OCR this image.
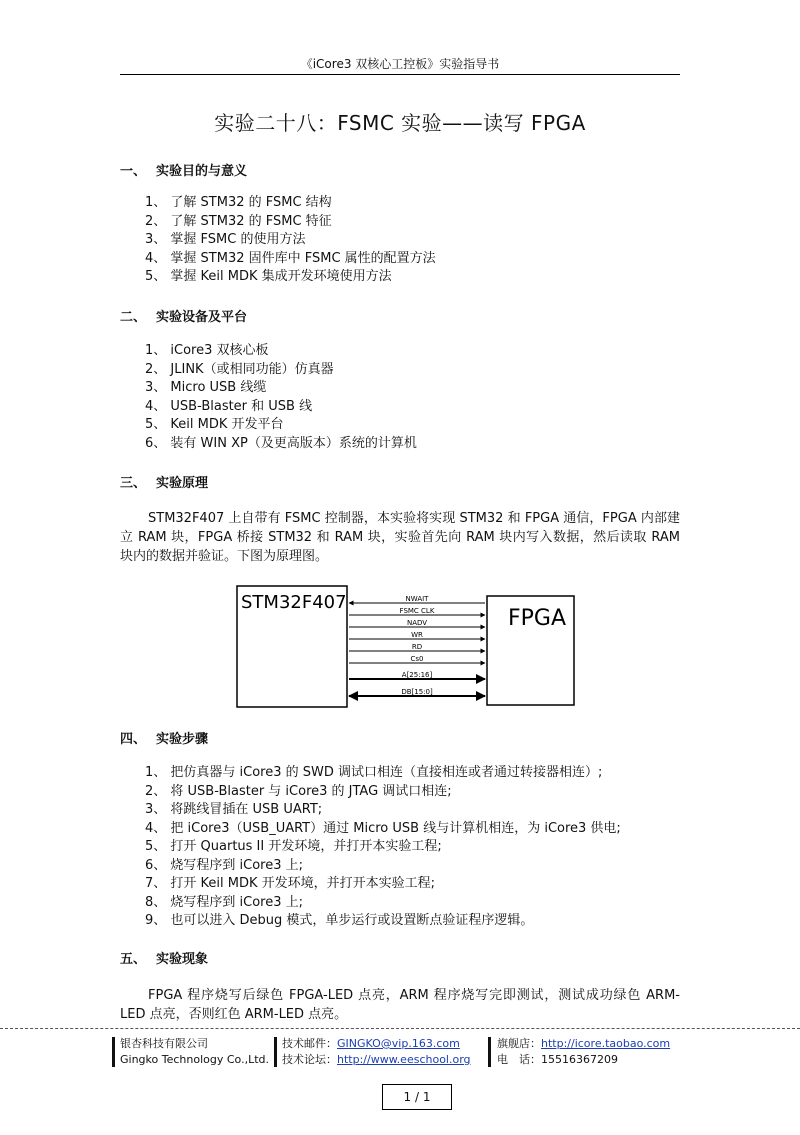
《iCore3 双核心工控板》实验指导书
实验二十八：FSMC 实验——读写 FPGA
一、 实验目的与意义
1、 了解 STM32 的 FSMC 结构
2、 了解 STM32 的 FSMC 特征
3、 掌握 FSMC 的使用方法
4、 掌握 STM32 固件库中 FSMC 属性的配置方法
5、 掌握 Keil MDK 集成开发环境使用方法
二、 实验设备及平台
1、 iCore3 双核心板
2、 JLINK（或相同功能）仿真器
3、 Micro USB 线缆
4、 USB-Blaster 和 USB 线
5、 Keil MDK 开发平台
6、 装有 WIN XP（及更高版本）系统的计算机
三、 实验原理
STM32F407 上自带有 FSMC 控制器，本实验将实现 STM32 和 FPGA 通信，FPGA 内部建立 RAM 块，FPGA 桥接 STM32 和 RAM 块，实验首先向 RAM 块内写入数据，然后读取 RAM 块内的数据并验证。下图为原理图。
STM32F407
FPGA
NWAIT
FSMC CLK
NADV
WR
RD
Cs0
A[25:16]
DB[15:0]
四、 实验步骤
1、 把仿真器与 iCore3 的 SWD 调试口相连（直接相连或者通过转接器相连）;
2、 将 USB-Blaster 与 iCore3 的 JTAG 调试口相连;
3、 将跳线冒插在 USB UART;
4、 把 iCore3（USB_UART）通过 Micro USB 线与计算机相连，为 iCore3 供电;
5、 打开 Quartus II 开发环境，并打开本实验工程;
6、 烧写程序到 iCore3 上;
7、 打开 Keil MDK 开发环境，并打开本实验工程;
8、 烧写程序到 iCore3 上;
9、 也可以进入 Debug 模式，单步运行或设置断点验证程序逻辑。
五、 实验现象
FPGA 程序烧写后绿色 FPGA-LED 点亮，ARM 程序烧写完即测试，测试成功绿色 ARM-LED 点亮，否则红色 ARM-LED 点亮。
银杏科技有限公司
Gingko Technology Co.,Ltd.
技术邮件：GINGKO@vip.163.com
技术论坛：http://www.eeschool.org
旗舰店：http://icore.taobao.com
电　话：15516367209
1 / 1
